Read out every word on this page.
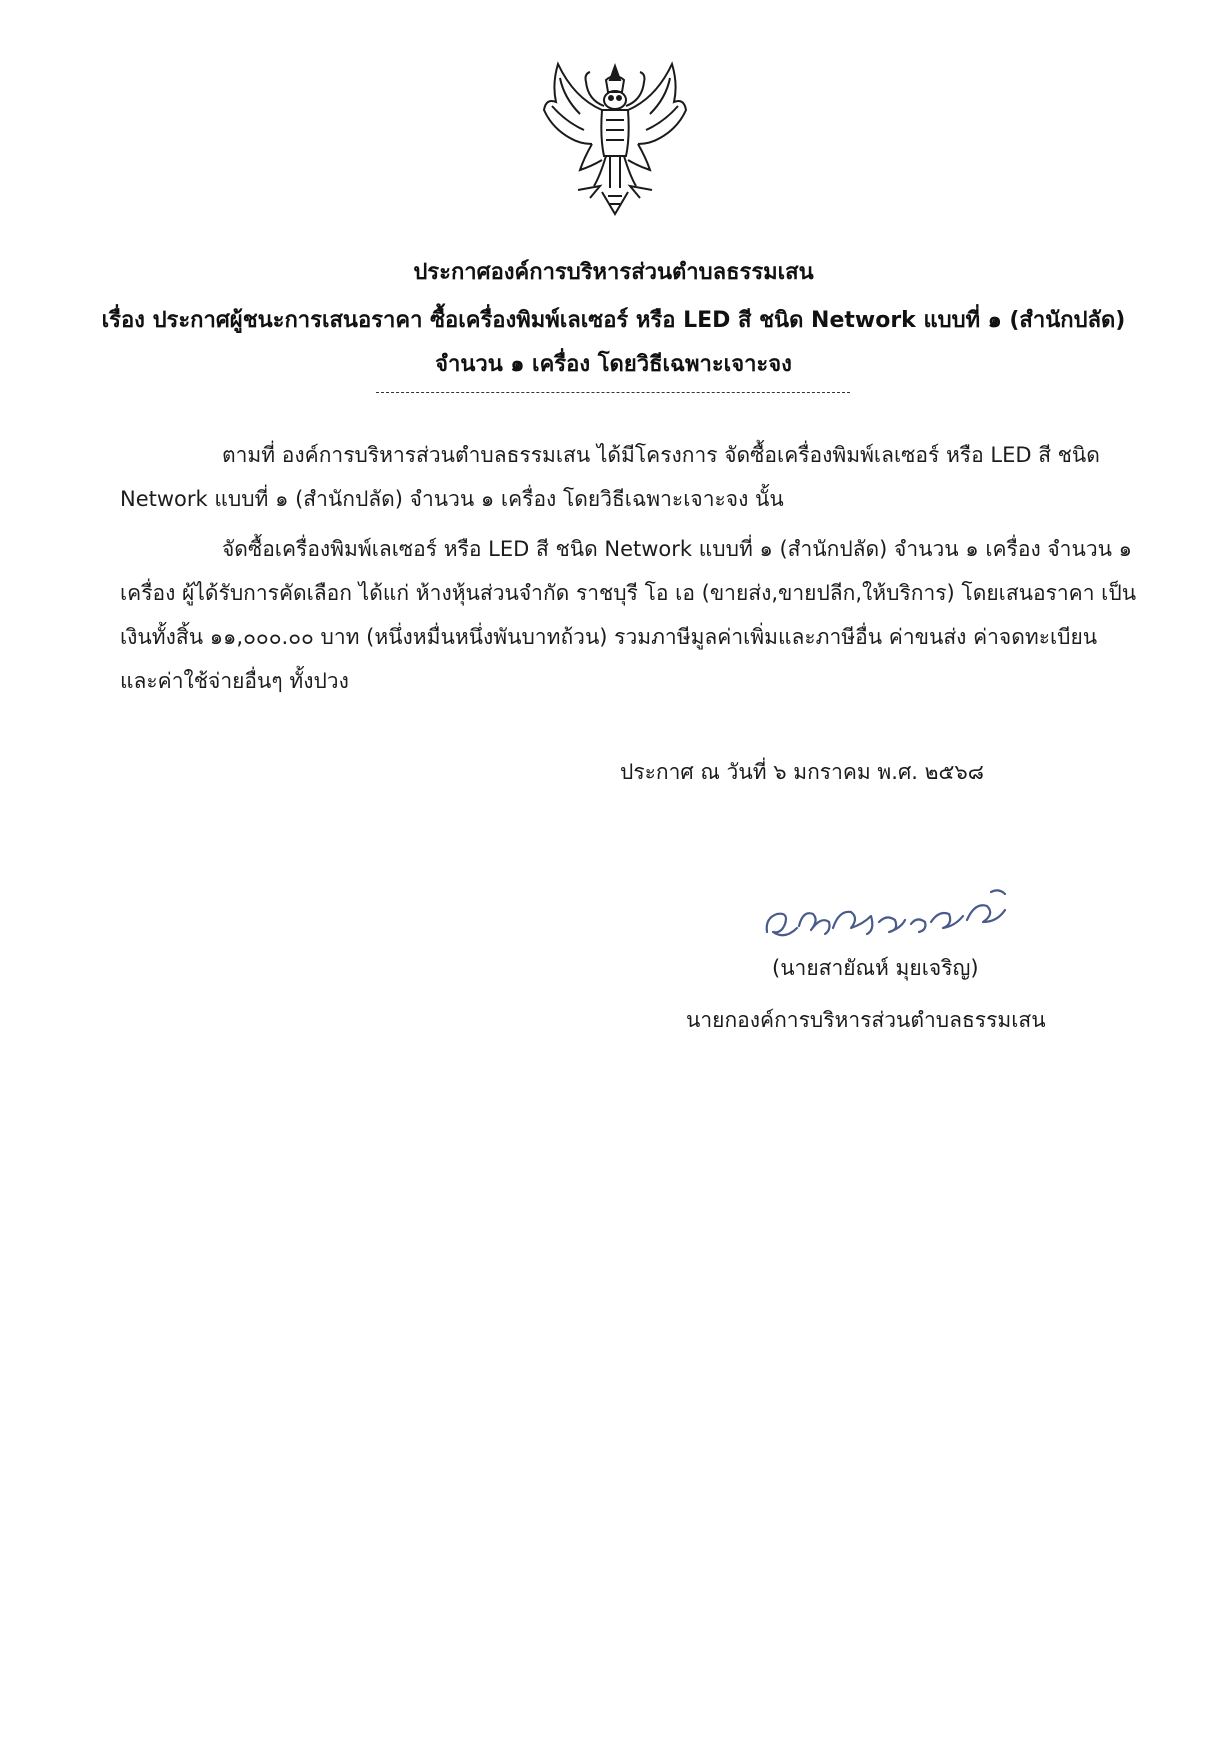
ประกาศองค์การบริหารส่วนตำบลธรรมเสน
เรื่อง ประกาศผู้ชนะการเสนอราคา ซื้อเครื่องพิมพ์เลเซอร์ หรือ LED สี ชนิด Network แบบที่ ๑ (สำนักปลัด)
จำนวน ๑ เครื่อง โดยวิธีเฉพาะเจาะจง
ตามที่ องค์การบริหารส่วนตำบลธรรมเสน ได้มีโครงการ จัดซื้อเครื่องพิมพ์เลเซอร์ หรือ LED สี ชนิด
Network แบบที่ ๑ (สำนักปลัด) จำนวน ๑ เครื่อง โดยวิธีเฉพาะเจาะจง นั้น
จัดซื้อเครื่องพิมพ์เลเซอร์ หรือ LED สี ชนิด Network แบบที่ ๑ (สำนักปลัด) จำนวน ๑ เครื่อง จำนวน ๑
เครื่อง ผู้ได้รับการคัดเลือก ได้แก่ ห้างหุ้นส่วนจำกัด ราชบุรี โอ เอ (ขายส่ง,ขายปลีก,ให้บริการ) โดยเสนอราคา เป็น
เงินทั้งสิ้น ๑๑,๐๐๐.๐๐ บาท (หนึ่งหมื่นหนึ่งพันบาทถ้วน) รวมภาษีมูลค่าเพิ่มและภาษีอื่น ค่าขนส่ง ค่าจดทะเบียน
และค่าใช้จ่ายอื่นๆ ทั้งปวง
ประกาศ ณ วันที่ ๖ มกราคม พ.ศ. ๒๕๖๘
(นายสายัณห์ มุยเจริญ)
นายกองค์การบริหารส่วนตำบลธรรมเสน
